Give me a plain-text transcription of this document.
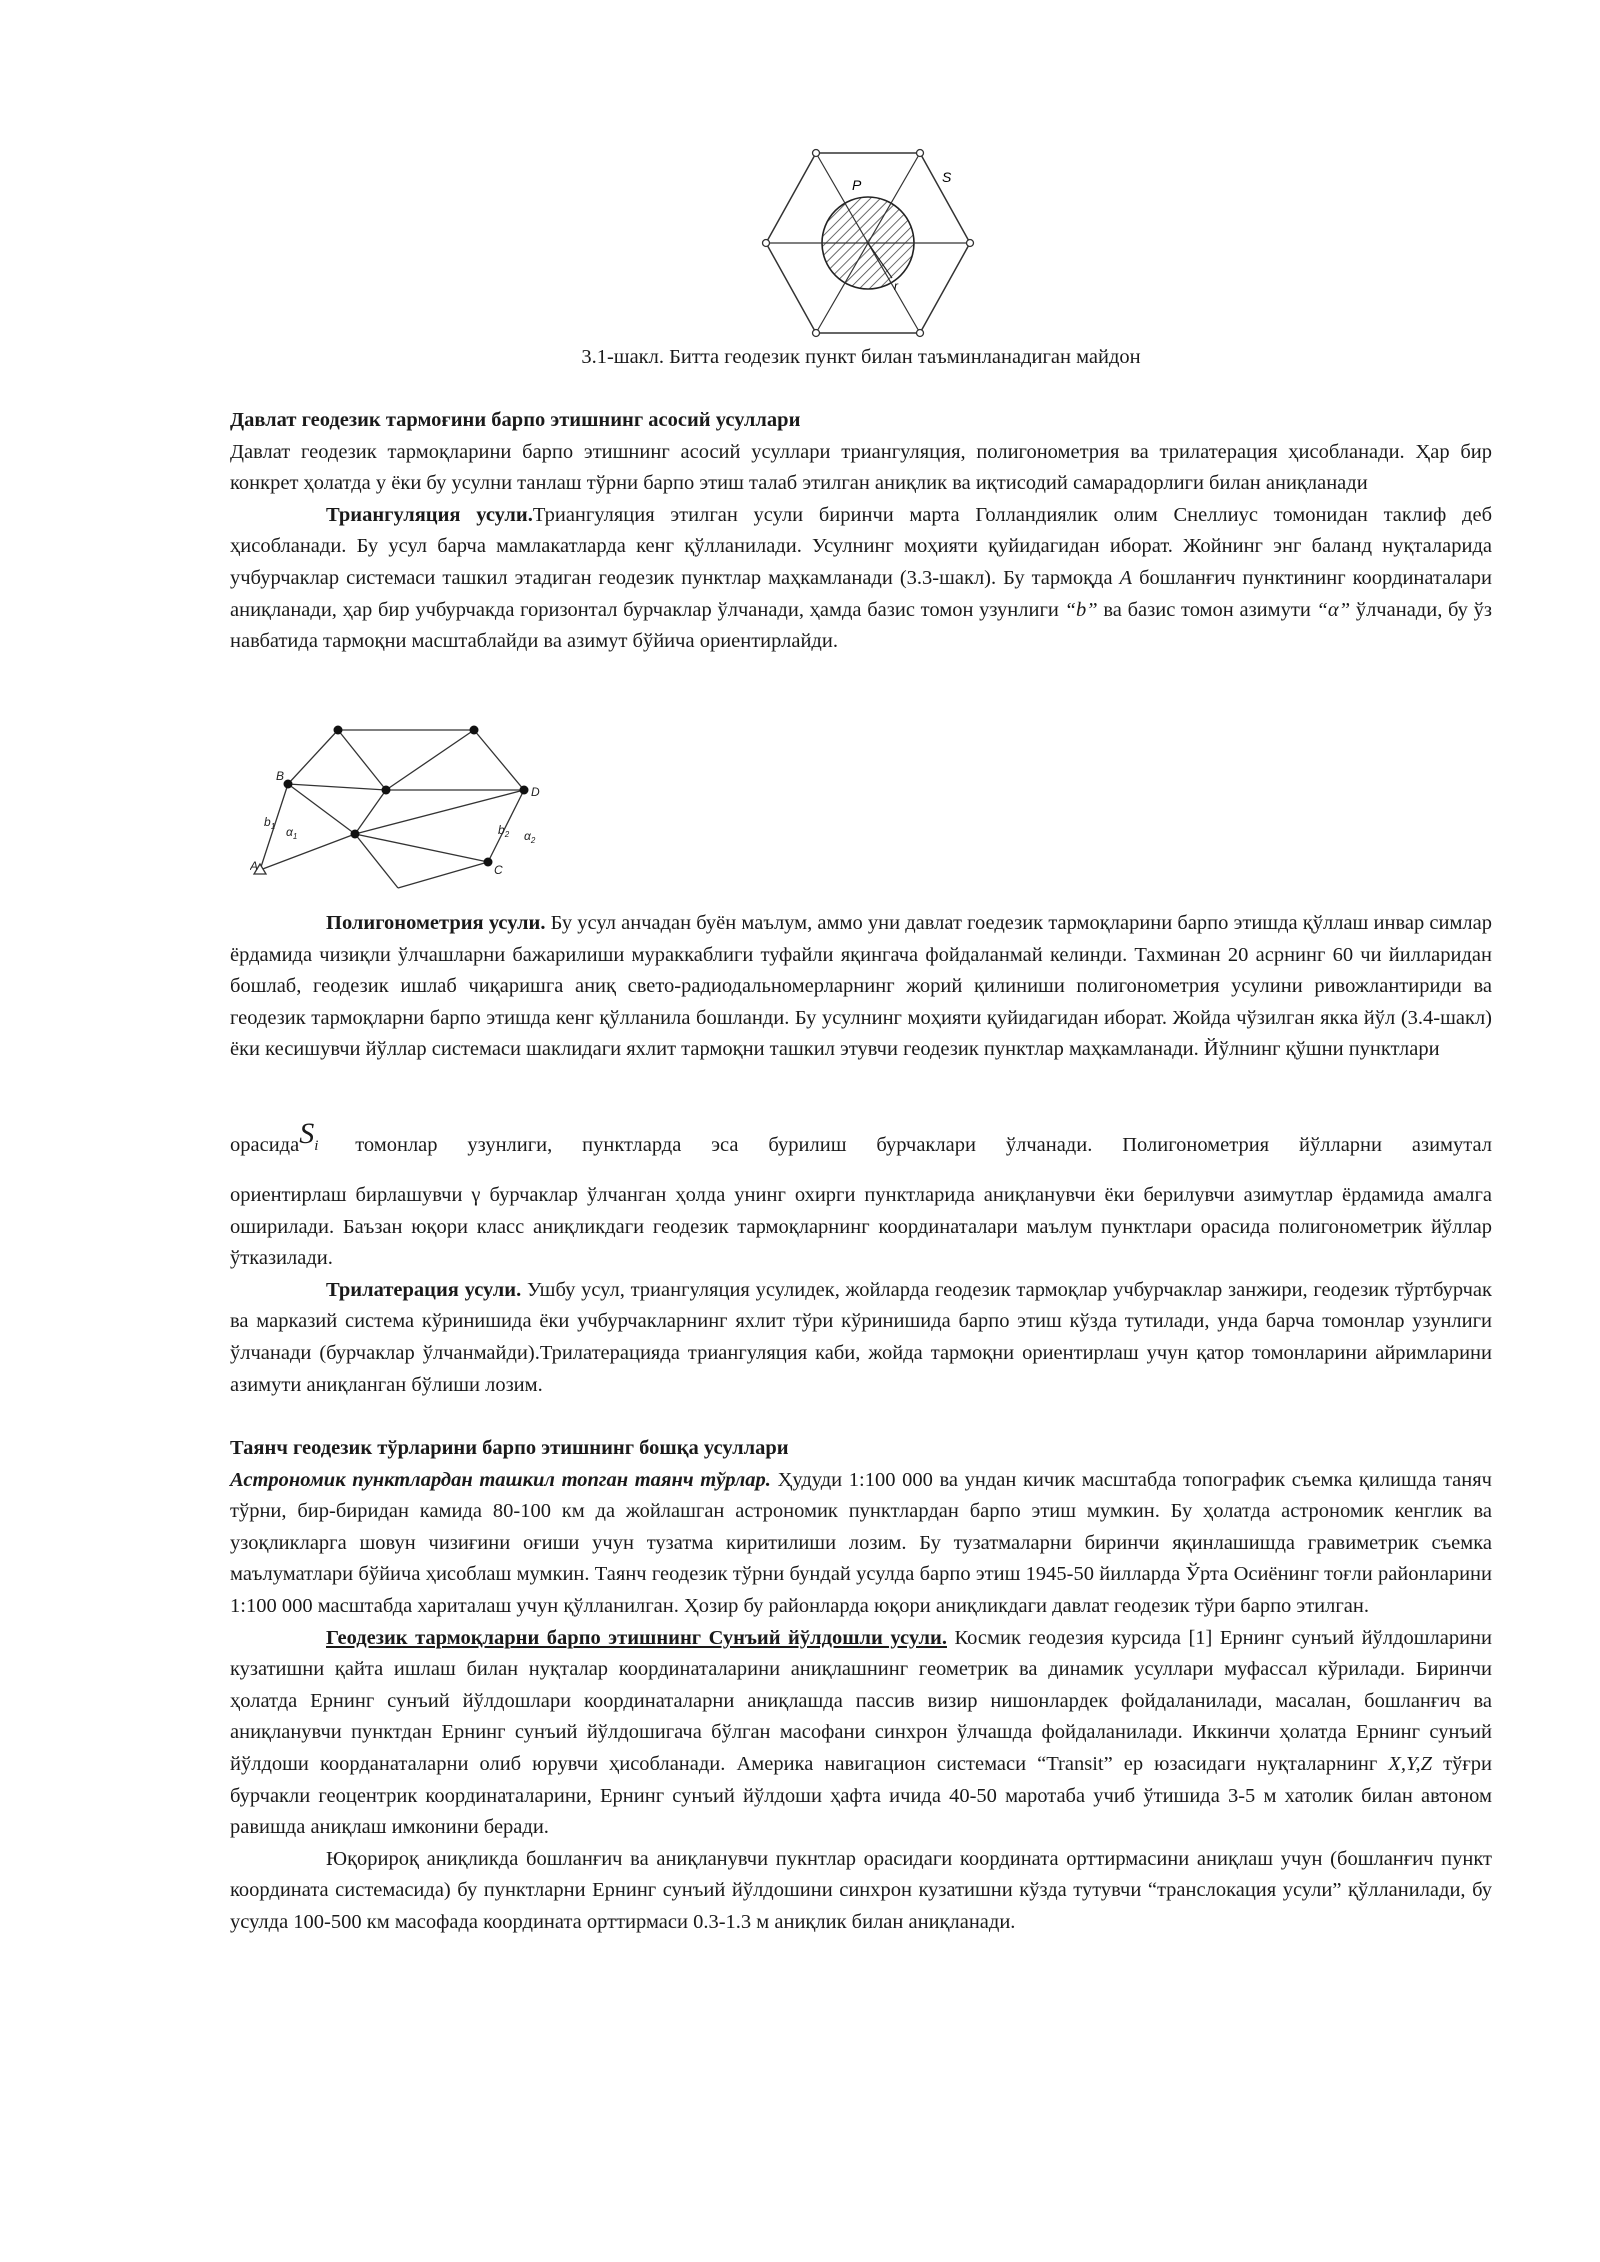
P	S
r

3.1-шакл. Битта геодезик пункт билан таъминланадиган майдон

Давлат геодезик тармоғини барпо этишнинг асосий усуллари

Давлат геодезик тармоқларини барпо этишнинг асосий усуллари триангуляция, полигонометрия ва трилатерация ҳисобланади. Ҳар бир конкрет ҳолатда у ёки бу усулни танлаш тўрни барпо этиш талаб этилган аниқлик ва иқтисодий самарадорлиги билан аниқланади

Триангуляция усули.Триангуляция этилган усули биринчи марта Голландиялик олим Снеллиус томонидан таклиф деб ҳисобланади. Бу усул барча мамлакатларда кенг қўлланилади. Усулнинг моҳияти қуйидагидан иборат. Жойнинг энг баланд нуқталарида учбурчаклар системаси ташкил этадиган геодезик пунктлар маҳкамланади (3.3-шакл). Бу тармоқда A бошланғич пунктининг координаталари аниқланади, ҳар бир учбурчакда горизонтал бурчаклар ўлчанади, ҳамда базис томон узунлиги “b” ва базис томон азимути “α” ўлчанади, бу ўз навбатида тармоқни масштаблайди ва азимут бўйича ориентирлайди.

B
D
A	C
$b_1$ $\alpha_1$	$b_2$ $\alpha_2$

Полигонометрия усули. Бу усул анчадан буён маълум, аммо уни давлат гоедезик тармоқларини барпо этишда қўллаш инвар симлар ёрдамида чизиқли ўлчашларни бажарилиши мураккаблиги туфайли яқингача фойдаланмай келинди. Тахминан 20 асрнинг 60 чи йилларидан бошлаб, геодезик ишлаб чиқаришга аниқ свето-радиодальномерларнинг жорий қилиниши полигонометрия усулини ривожлантириди ва геодезик тармоқларни барпо этишда кенг қўлланила бошланди. Бу усулнинг моҳияти қуйидагидан иборат. Жойда чўзилган якка йўл (3.4-шакл) ёки кесишувчи йўллар системаси шаклидаги яхлит тармоқни ташкил этувчи геодезик пунктлар маҳкамланади. Йўлнинг қўшни пунктлари

орасидаS$_i$ томонлар узунлиги, пунктларда эса бурилиш бурчаклари ўлчанади. Полигонометрия йўлларни азимутал

ориентирлаш бирлашувчи γ бурчаклар ўлчанган ҳолда унинг охирги пунктларида аниқланувчи ёки берилувчи азимутлар ёрдамида амалга оширилади. Баъзан юқори класс аниқликдаги геодезик тармоқларнинг координаталари маълум пунктлари орасида полигонометрик йўллар ўтказилади.

Трилатерация усули. Ушбу усул, триангуляция усулидек, жойларда геодезик тармоқлар учбурчаклар занжири, геодезик тўртбурчак ва марказий система кўринишида ёки учбурчакларнинг яхлит тўри кўринишида барпо этиш кўзда тутилади, унда барча томонлар узунлиги ўлчанади (бурчаклар ўлчанмайди).Трилатерацияда триангуляция каби, жойда тармоқни ориентирлаш учун қатор томонларини айримларини азимути аниқланган бўлиши лозим.

Таянч геодезик тўрларини барпо этишнинг бошқа усуллари

Астрономик пунктлардан ташкил топган таянч тўрлар. Ҳудуди 1:100 000 ва ундан кичик масштабда топографик съемка қилишда таняч тўрни, бир-биридан камида 80-100 км да жойлашган астрономик пунктлардан барпо этиш мумкин. Бу ҳолатда астрономик кенглик ва узоқликларга шовун чизиғини оғиши учун тузатма киритилиши лозим. Бу тузатмаларни биринчи яқинлашишда гравиметрик съемка маълуматлари бўйича ҳисоблаш мумкин. Таянч геодезик тўрни бундай усулда барпо этиш 1945-50 йилларда Ўрта Осиёнинг тоғли районларини 1:100 000 масштабда хариталаш учун қўлланилган. Ҳозир бу районларда юқори аниқликдаги давлат геодезик тўри барпо этилган.

Геодезик тармоқларни барпо этишнинг Сунъий йўлдошли усули. Космик геодезия курсида [1] Ернинг сунъий йўлдошларини кузатишни қайта ишлаш билан нуқталар координаталарини аниқлашнинг геометрик ва динамик усуллари муфассал кўрилади. Биринчи ҳолатда Ернинг сунъий йўлдошлари координаталарни аниқлашда пассив визир нишонлардек фойдаланилади, масалан, бошланғич ва аниқланувчи пунктдан Ернинг сунъий йўлдошигача бўлган масофани синхрон ўлчашда фойдаланилади. Иккинчи ҳолатда Ернинг сунъий йўлдоши коорданаталарни олиб юрувчи ҳисобланади. Америка навигацион системаси “Transit” ер юзасидаги нуқталарнинг X,Y,Z тўғри бурчакли геоцентрик координаталарини, Ернинг сунъий йўлдоши ҳафта ичида 40-50 маротаба учиб ўтишида 3-5 м хатолик билан автоном равишда аниқлаш имконини беради.

Юқорироқ аниқликда бошланғич ва аниқланувчи пукнтлар орасидаги координата орттирмасини аниқлаш учун (бошланғич пункт координата системасида) бу пунктларни Ернинг сунъий йўлдошини синхрон кузатишни кўзда тутувчи “транслокация усули” қўлланилади, бу усулда 100-500 км масофада координата орттирмаси 0.3-1.3 м аниқлик билан аниқланади.
